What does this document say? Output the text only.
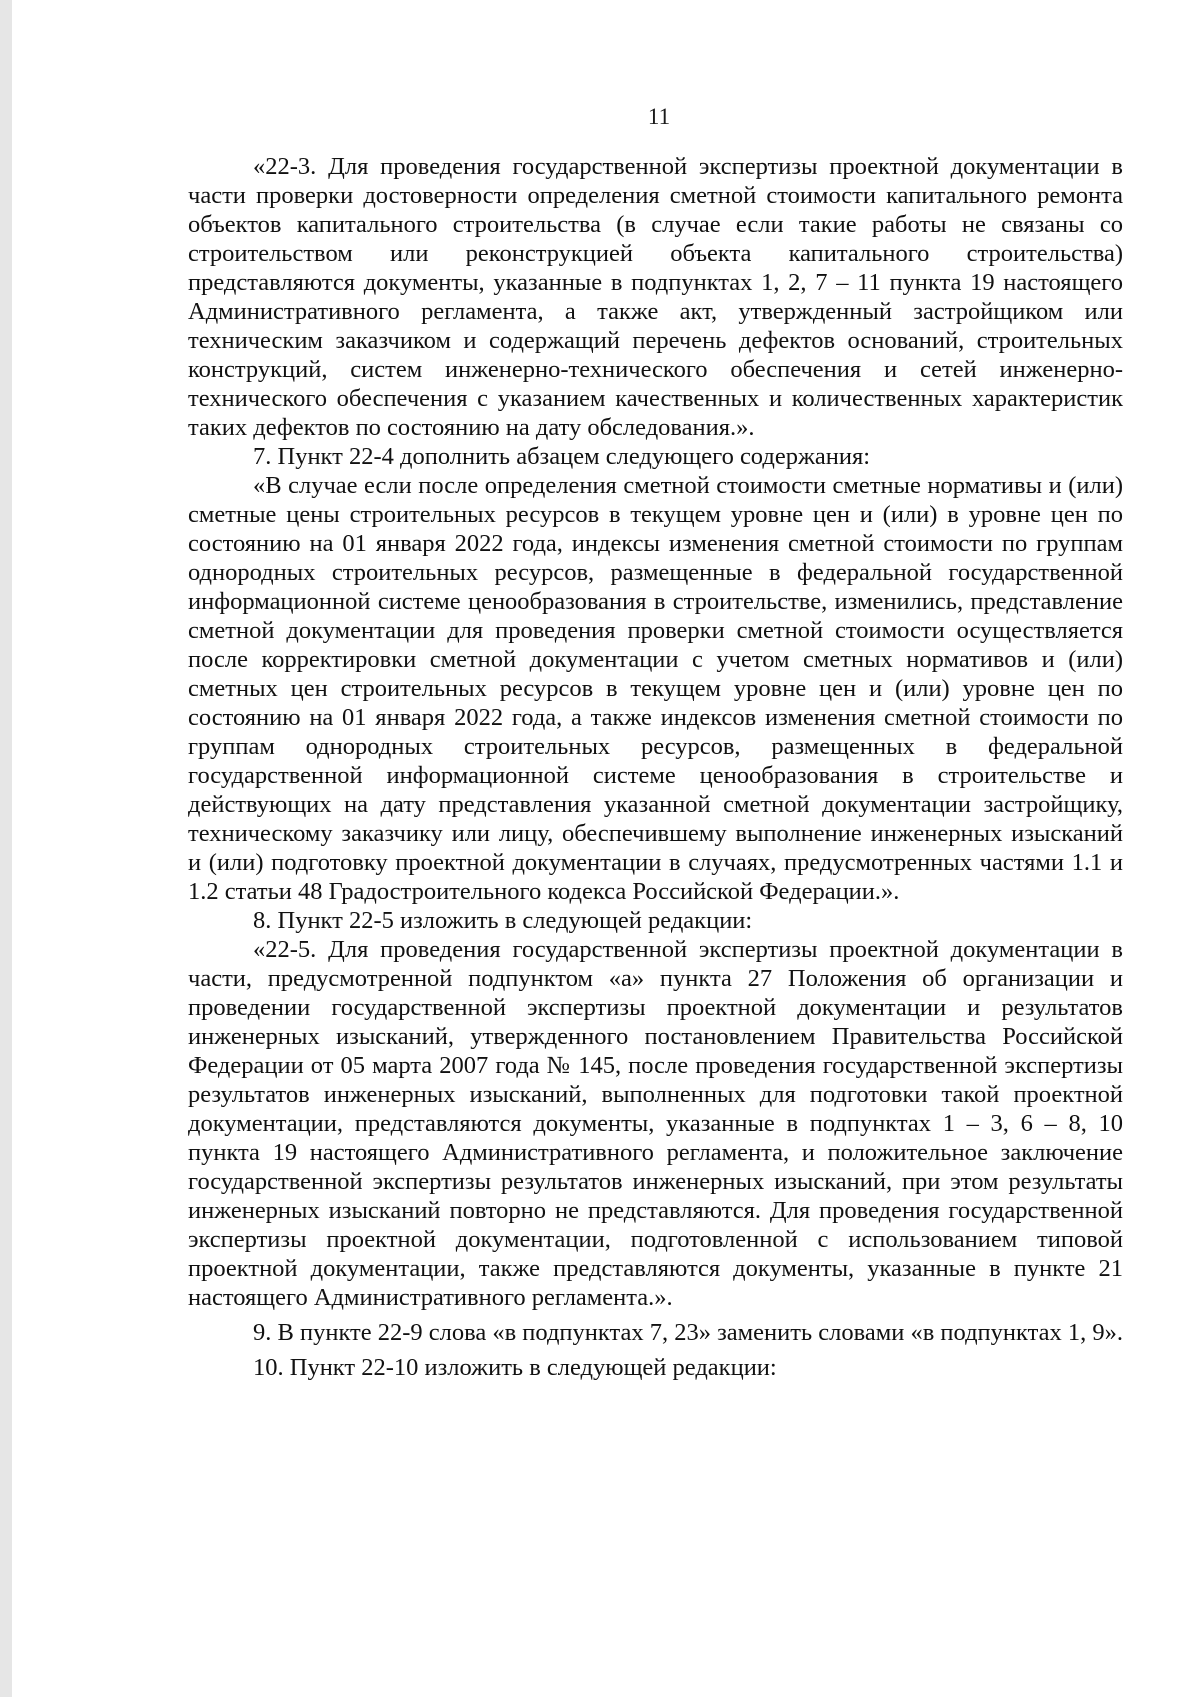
11

«22-3. Для проведения государственной экспертизы проектной документации в части проверки достоверности определения сметной стоимости капитального ремонта объектов капитального строительства (в случае если такие работы не связаны со строительством или реконструкцией объекта капитального строительства) представляются документы, указанные в подпунктах 1, 2, 7 – 11 пункта 19 настоящего Административного регламента, а также акт, утвержденный застройщиком или техническим заказчиком и содержащий перечень дефектов оснований, строительных конструкций, систем инженерно-технического обеспечения и сетей инженерно-технического обеспечения с указанием качественных и количественных характеристик таких дефектов по состоянию на дату обследования.».

7. Пункт 22-4 дополнить абзацем следующего содержания:

«В случае если после определения сметной стоимости сметные нормативы и (или) сметные цены строительных ресурсов в текущем уровне цен и (или) в уровне цен по состоянию на 01 января 2022 года, индексы изменения сметной стоимости по группам однородных строительных ресурсов, размещенные в федеральной государственной информационной системе ценообразования в строительстве, изменились, представление сметной документации для проведения проверки сметной стоимости осуществляется после корректировки сметной документации с учетом сметных нормативов и (или) сметных цен строительных ресурсов в текущем уровне цен и (или) уровне цен по состоянию на 01 января 2022 года, а также индексов изменения сметной стоимости по группам однородных строительных ресурсов, размещенных в федеральной государственной информационной системе ценообразования в строительстве и действующих на дату представления указанной сметной документации застройщику, техническому заказчику или лицу, обеспечившему выполнение инженерных изысканий и (или) подготовку проектной документации в случаях, предусмотренных частями 1.1 и 1.2 статьи 48 Градостроительного кодекса Российской Федерации.».

8. Пункт 22-5 изложить в следующей редакции:

«22-5. Для проведения государственной экспертизы проектной документации в части, предусмотренной подпунктом «а» пункта 27 Положения об организации и проведении государственной экспертизы проектной документации и результатов инженерных изысканий, утвержденного постановлением Правительства Российской Федерации от 05 марта 2007 года № 145, после проведения государственной экспертизы результатов инженерных изысканий, выполненных для подготовки такой проектной документации, представляются документы, указанные в подпунктах 1 – 3, 6 – 8, 10 пункта 19 настоящего Административного регламента, и положительное заключение государственной экспертизы результатов инженерных изысканий, при этом результаты инженерных изысканий повторно не представляются. Для проведения государственной экспертизы проектной документации, подготовленной с использованием типовой проектной документации, также представляются документы, указанные в пункте 21 настоящего Административного регламента.».

9. В пункте 22-9 слова «в подпунктах 7, 23» заменить словами «в подпунктах 1, 9».

10. Пункт 22-10 изложить в следующей редакции:
